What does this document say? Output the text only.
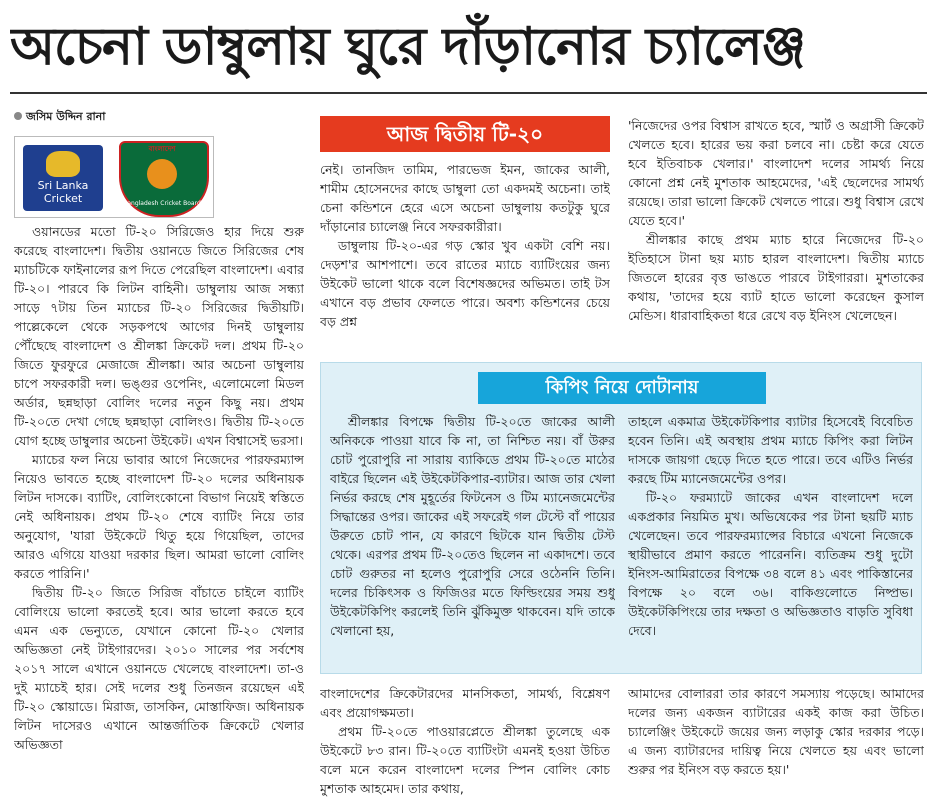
অচেনা ডাম্বুলায় ঘুরে দাঁড়ানোর চ্যালেঞ্জ
জসিম উদ্দিন রানা
Sri Lanka Cricket
বাংলাদেশ
Bangladesh Cricket Board

ওয়ানডের মতো টি-২০ সিরিজেও হার দিয়ে শুরু করেছে বাংলাদেশ। দ্বিতীয় ওয়ানডে জিতে সিরিজের শেষ ম্যাচটিকে ফাইনালের রূপ দিতে পেরেছিল বাংলাদেশ। এবার টি-২০। পারবে কি লিটন বাহিনী। ডাম্বুলায় আজ সন্ধ্যা সাড়ে ৭টায় তিন ম্যাচের টি-২০ সিরিজের দ্বিতীয়টি। পাল্লেকেলে থেকে সড়কপথে আগের দিনই ডাম্বুলায় পৌঁছেছে বাংলাদেশ ও শ্রীলঙ্কা ক্রিকেট দল। প্রথম টি-২০ জিতে ফুরফুরে মেজাজে শ্রীলঙ্কা। আর অচেনা ডাম্বুলায় চাপে সফরকারী দল। ভঙ্গুর ওপেনিং, এলোমেলো মিডল অর্ডার, ছন্নছাড়া বোলিং দলের নতুন কিছু নয়। প্রথম টি-২০তে দেখা গেছে ছন্নছাড়া বোলিংও। দ্বিতীয় টি-২০তে যোগ হচ্ছে ডাম্বুলার অচেনা উইকেট। এখন বিশ্বাসেই ভরসা।

ম্যাচের ফল নিয়ে ভাবার আগে নিজেদের পারফরম্যান্স নিয়েও ভাবতে হচ্ছে বাংলাদেশ টি-২০ দলের অধিনায়ক লিটন দাসকে। ব্যাটিং, বোলিংকোনো বিভাগ নিয়েই স্বস্তিতে নেই অধিনায়ক। প্রথম টি-২০ শেষে ব্যাটিং নিয়ে তার অনুযোগ, 'যারা উইকেটে থিতু হয়ে গিয়েছিল, তাদের আরও এগিয়ে যাওয়া দরকার ছিল। আমরা ভালো বোলিং করতে পারিনি।'

দ্বিতীয় টি-২০ জিতে সিরিজ বাঁচাতে চাইলে ব্যাটিং বোলিংয়ে ভালো করতেই হবে। আর ভালো করতে হবে এমন এক ভেন্যুতে, যেখানে কোনো টি-২০ খেলার অভিজ্ঞতা নেই টাইগারদের। ২০১০ সালের পর সর্বশেষ ২০১৭ সালে এখানে ওয়ানডে খেলেছে বাংলাদেশ। তা-ও দুই ম্যাচেই হার। সেই দলের শুধু তিনজন রয়েছেন এই টি-২০ স্কোয়াডে। মিরাজ, তাসকিন, মোস্তাফিজ। অধিনায়ক লিটন দাসেরও এখানে আন্তর্জাতিক ক্রিকেটে খেলার অভিজ্ঞতা

আজ দ্বিতীয় টি-২০

নেই। তানজিদ তামিম, পারভেজ ইমন, জাকের আলী, শামীম হোসেনদের কাছে ডাম্বুলা তো একদমই অচেনা। তাই চেনা কন্ডিশনে হেরে এসে অচেনা ডাম্বুলায় কতটুকু ঘুরে দাঁড়ানোর চ্যালেঞ্জ নিবে সফরকারীরা।

ডাম্বুলায় টি-২০-এর গড় স্কোর খুব একটা বেশি নয়। দেড়শ'র আশপাশে। তবে রাতের ম্যাচে ব্যাটিংয়ের জন্য উইকেট ভালো থাকে বলে বিশেষজ্ঞদের অভিমত। তাই টস এখানে বড় প্রভাব ফেলতে পারে। অবশ্য কন্ডিশনের চেয়ে বড় প্রশ্ন

'নিজেদের ওপর বিশ্বাস রাখতে হবে, স্মার্ট ও অগ্রাসী ক্রিকেট খেলতে হবে। হারের ভয় করা চলবে না। চেষ্টা করে যেতে হবে ইতিবাচক খেলার।' বাংলাদেশ দলের সামর্থ্য নিয়ে কোনো প্রশ্ন নেই মুশতাক আহমেদের, 'এই ছেলেদের সামর্থ্য রয়েছে। তারা ভালো ক্রিকেট খেলতে পারে। শুধু বিশ্বাস রেখে যেতে হবে।'

শ্রীলঙ্কার কাছে প্রথম ম্যাচ হারে নিজেদের টি-২০ ইতিহাসে টানা ছয় ম্যাচ হারল বাংলাদেশ। দ্বিতীয় ম্যাচে জিতলে হারের বৃত্ত ভাঙতে পারবে টাইগাররা। মুশতাকের কথায়, 'তাদের হয়ে ব্যাট হাতে ভালো করেছেন কুসাল মেন্ডিস। ধারাবাহিকতা ধরে রেখে বড় ইনিংস খেলেছেন।

কিপিং নিয়ে দোটানায়

শ্রীলঙ্কার বিপক্ষে দ্বিতীয় টি-২০তে জাকের আলী অনিককে পাওয়া যাবে কি না, তা নিশ্চিত নয়। বাঁ উরুর চোট পুরোপুরি না সারায় ব্যাকিডে প্রথম টি-২০তে মাঠের বাইরে ছিলেন এই উইকেটকিপার-ব্যাটার। আজ তার খেলা নির্ভর করছে শেষ মুহূর্তের ফিটনেস ও টিম ম্যানেজমেন্টের সিদ্ধান্তের ওপর। জাকের এই সফরেই গল টেস্টে বাঁ পায়ের উরুতে চোট পান, যে কারণে ছিটকে যান দ্বিতীয় টেস্ট থেকে। এরপর প্রথম টি-২০তেও ছিলেন না একাদশে। তবে চোট গুরুতর না হলেও পুরোপুরি সেরে ওঠেননি তিনি। দলের চিকিৎসক ও ফিজিওর মতে ফিল্ডিংয়ের সময় শুধু উইকেটকিপিং করলেই তিনি ঝুঁকিমুক্ত থাকবেন। যদি তাকে খেলানো হয়,

তাহলে একমাত্র উইকেটকিপার ব্যাটার হিসেবেই বিবেচিত হবেন তিনি। এই অবস্থায় প্রথম ম্যাচে কিপিং করা লিটন দাসকে জায়গা ছেড়ে দিতে হতে পারে। তবে এটিও নির্ভর করছে টিম ম্যানেজমেন্টের ওপর।

টি-২০ ফরম্যাটে জাকের এখন বাংলাদেশ দলে একপ্রকার নিয়মিত মুখ। অভিষেকের পর টানা ছয়টি ম্যাচ খেলেছেন। তবে পারফরম্যান্সের বিচারে এখনো নিজেকে স্থায়ীভাবে প্রমাণ করতে পারেননি। ব্যতিক্রম শুধু দুটো ইনিংস-আমিরাতের বিপক্ষে ৩৪ বলে ৪১ এবং পাকিস্তানের বিপক্ষে ২০ বলে ৩৬। বাকিগুলোতে নিষ্প্রভ। উইকেটকিপিংয়ে তার দক্ষতা ও অভিজ্ঞতাও বাড়তি সুবিধা দেবে।

বাংলাদেশের ক্রিকেটারদের মানসিকতা, সামর্থ্য, বিশ্লেষণ এবং প্রয়োগক্ষমতা।

প্রথম টি-২০তে পাওয়ারপ্লেতে শ্রীলঙ্কা তুলেছে এক উইকেটে ৮৩ রান। টি-২০তে ব্যাটিংটা এমনই হওয়া উচিত বলে মনে করেন বাংলাদেশ দলের স্পিন বোলিং কোচ মুশতাক আহমেদ। তার কথায়,

আমাদের বোলাররা তার কারণে সমস্যায় পড়েছে। আমাদের দলের জন্য একজন ব্যাটারের একই কাজ করা উচিত। চ্যালেঞ্জিং উইকেটে জয়ের জন্য লড়াকু স্কোর দরকার পড়ে। এ জন্য ব্যাটারদের দায়িত্ব নিয়ে খেলতে হয় এবং ভালো শুরুর পর ইনিংস বড় করতে হয়।'
